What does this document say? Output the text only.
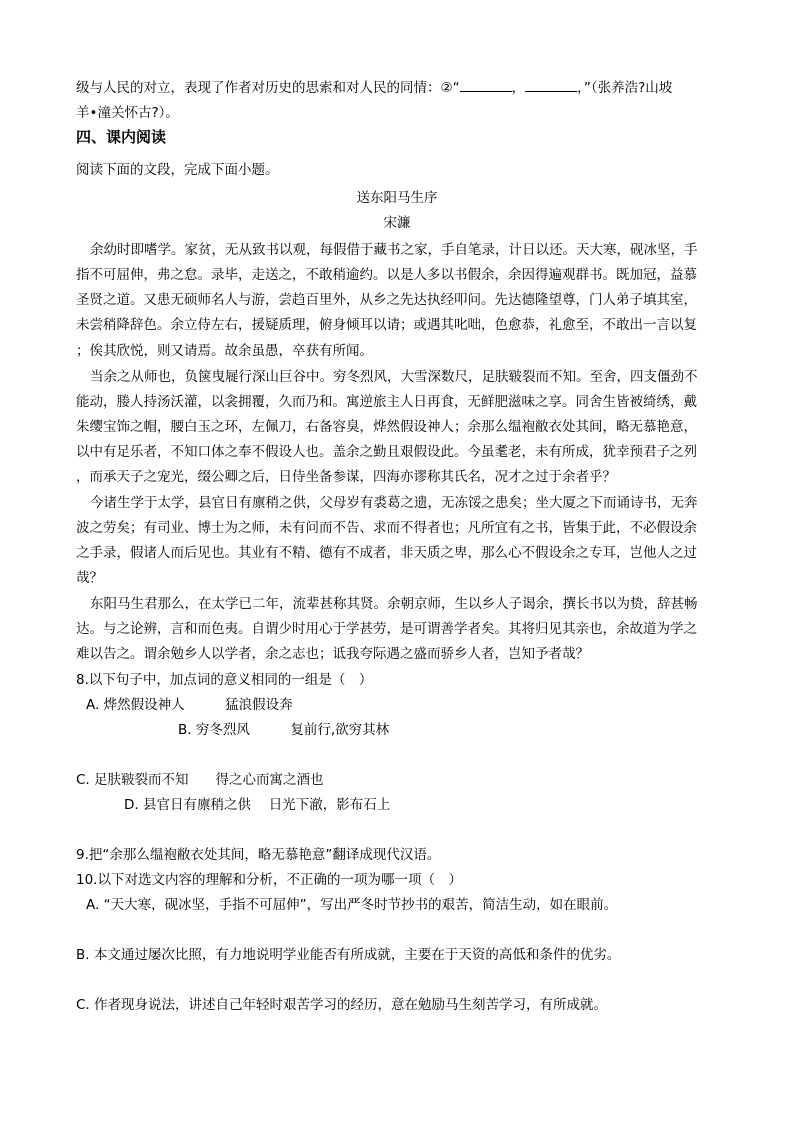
级与人民的对立，表现了作者对历史的思索和对人民的同情：②“	，	，”（张养浩?山坡
羊•潼关怀古?）。
四、课内阅读
阅读下面的文段，完成下面小题。
送东阳马生序
宋濂
余幼时即嗜学。家贫，无从致书以观，每假借于藏书之家，手自笔录，计日以还。天大寒，砚冰坚，手
指不可屈伸，弗之怠。录毕，走送之，不敢稍逾约。以是人多以书假余，余因得遍观群书。既加冠，益慕
圣贤之道。又患无硕师名人与游，尝趋百里外，从乡之先达执经叩问。先达德隆望尊，门人弟子填其室，
未尝稍降辞色。余立侍左右，援疑质理，俯身倾耳以请；或遇其叱咄，色愈恭，礼愈至，不敢出一言以复
；俟其欣悦，则又请焉。故余虽愚，卒获有所闻。
当余之从师也，负箧曳屣行深山巨谷中。穷冬烈风，大雪深数尺，足肤皲裂而不知。至舍，四支僵劲不
能动，媵人持汤沃灌，以衾拥覆，久而乃和。寓逆旅主人日再食，无鲜肥滋味之享。同舍生皆被绮绣，戴
朱缨宝饰之帽，腰白玉之环，左佩刀，右备容臭，烨然假设神人；余那么缊袍敝衣处其间，略无慕艳意，
以中有足乐者，不知口体之奉不假设人也。盖余之勤且艰假设此。今虽耄老，未有所成，犹幸预君子之列
，而承天子之宠光，缀公卿之后，日侍坐备参谋，四海亦谬称其氏名，况才之过于余者乎？
今诸生学于太学，县官日有廪稍之供，父母岁有裘葛之遗，无冻馁之患矣；坐大厦之下而诵诗书，无奔
波之劳矣；有司业、博士为之师，未有问而不告、求而不得者也；凡所宜有之书，皆集于此，不必假设余
之手录，假诸人而后见也。其业有不精、德有不成者，非天质之卑，那么心不假设余之专耳，岂他人之过
哉？
东阳马生君那么，在太学已二年，流辈甚称其贤。余朝京师，生以乡人子谒余，撰长书以为贽，辞甚畅
达。与之论辨，言和而色夷。自谓少时用心于学甚劳，是可谓善学者矣。其将归见其亲也，余故道为学之
难以告之。谓余勉乡人以学者，余之志也；诋我夸际遇之盛而骄乡人者，岂知予者哉？
8.以下句子中，加点词的意义相同的一组是（　）
A. 烨然假设神人　　　猛浪假设奔
B. 穷冬烈风　　　复前行,欲穷其林
C. 足肤皲裂而不知　　得之心而寓之酒也
D. 县官日有廪稍之供　 日光下澈，影布石上
9.把“余那么缊袍敝衣处其间，略无慕艳意”翻译成现代汉语。
10.以下对选文内容的理解和分析，不正确的一项为哪一项（　）
A. “天大寒，砚冰坚，手指不可屈伸”，写出严冬时节抄书的艰苦，简洁生动，如在眼前。
B. 本文通过屡次比照，有力地说明学业能否有所成就，主要在于天资的高低和条件的优劣。
C. 作者现身说法，讲述自己年轻时艰苦学习的经历，意在勉励马生刻苦学习，有所成就。
